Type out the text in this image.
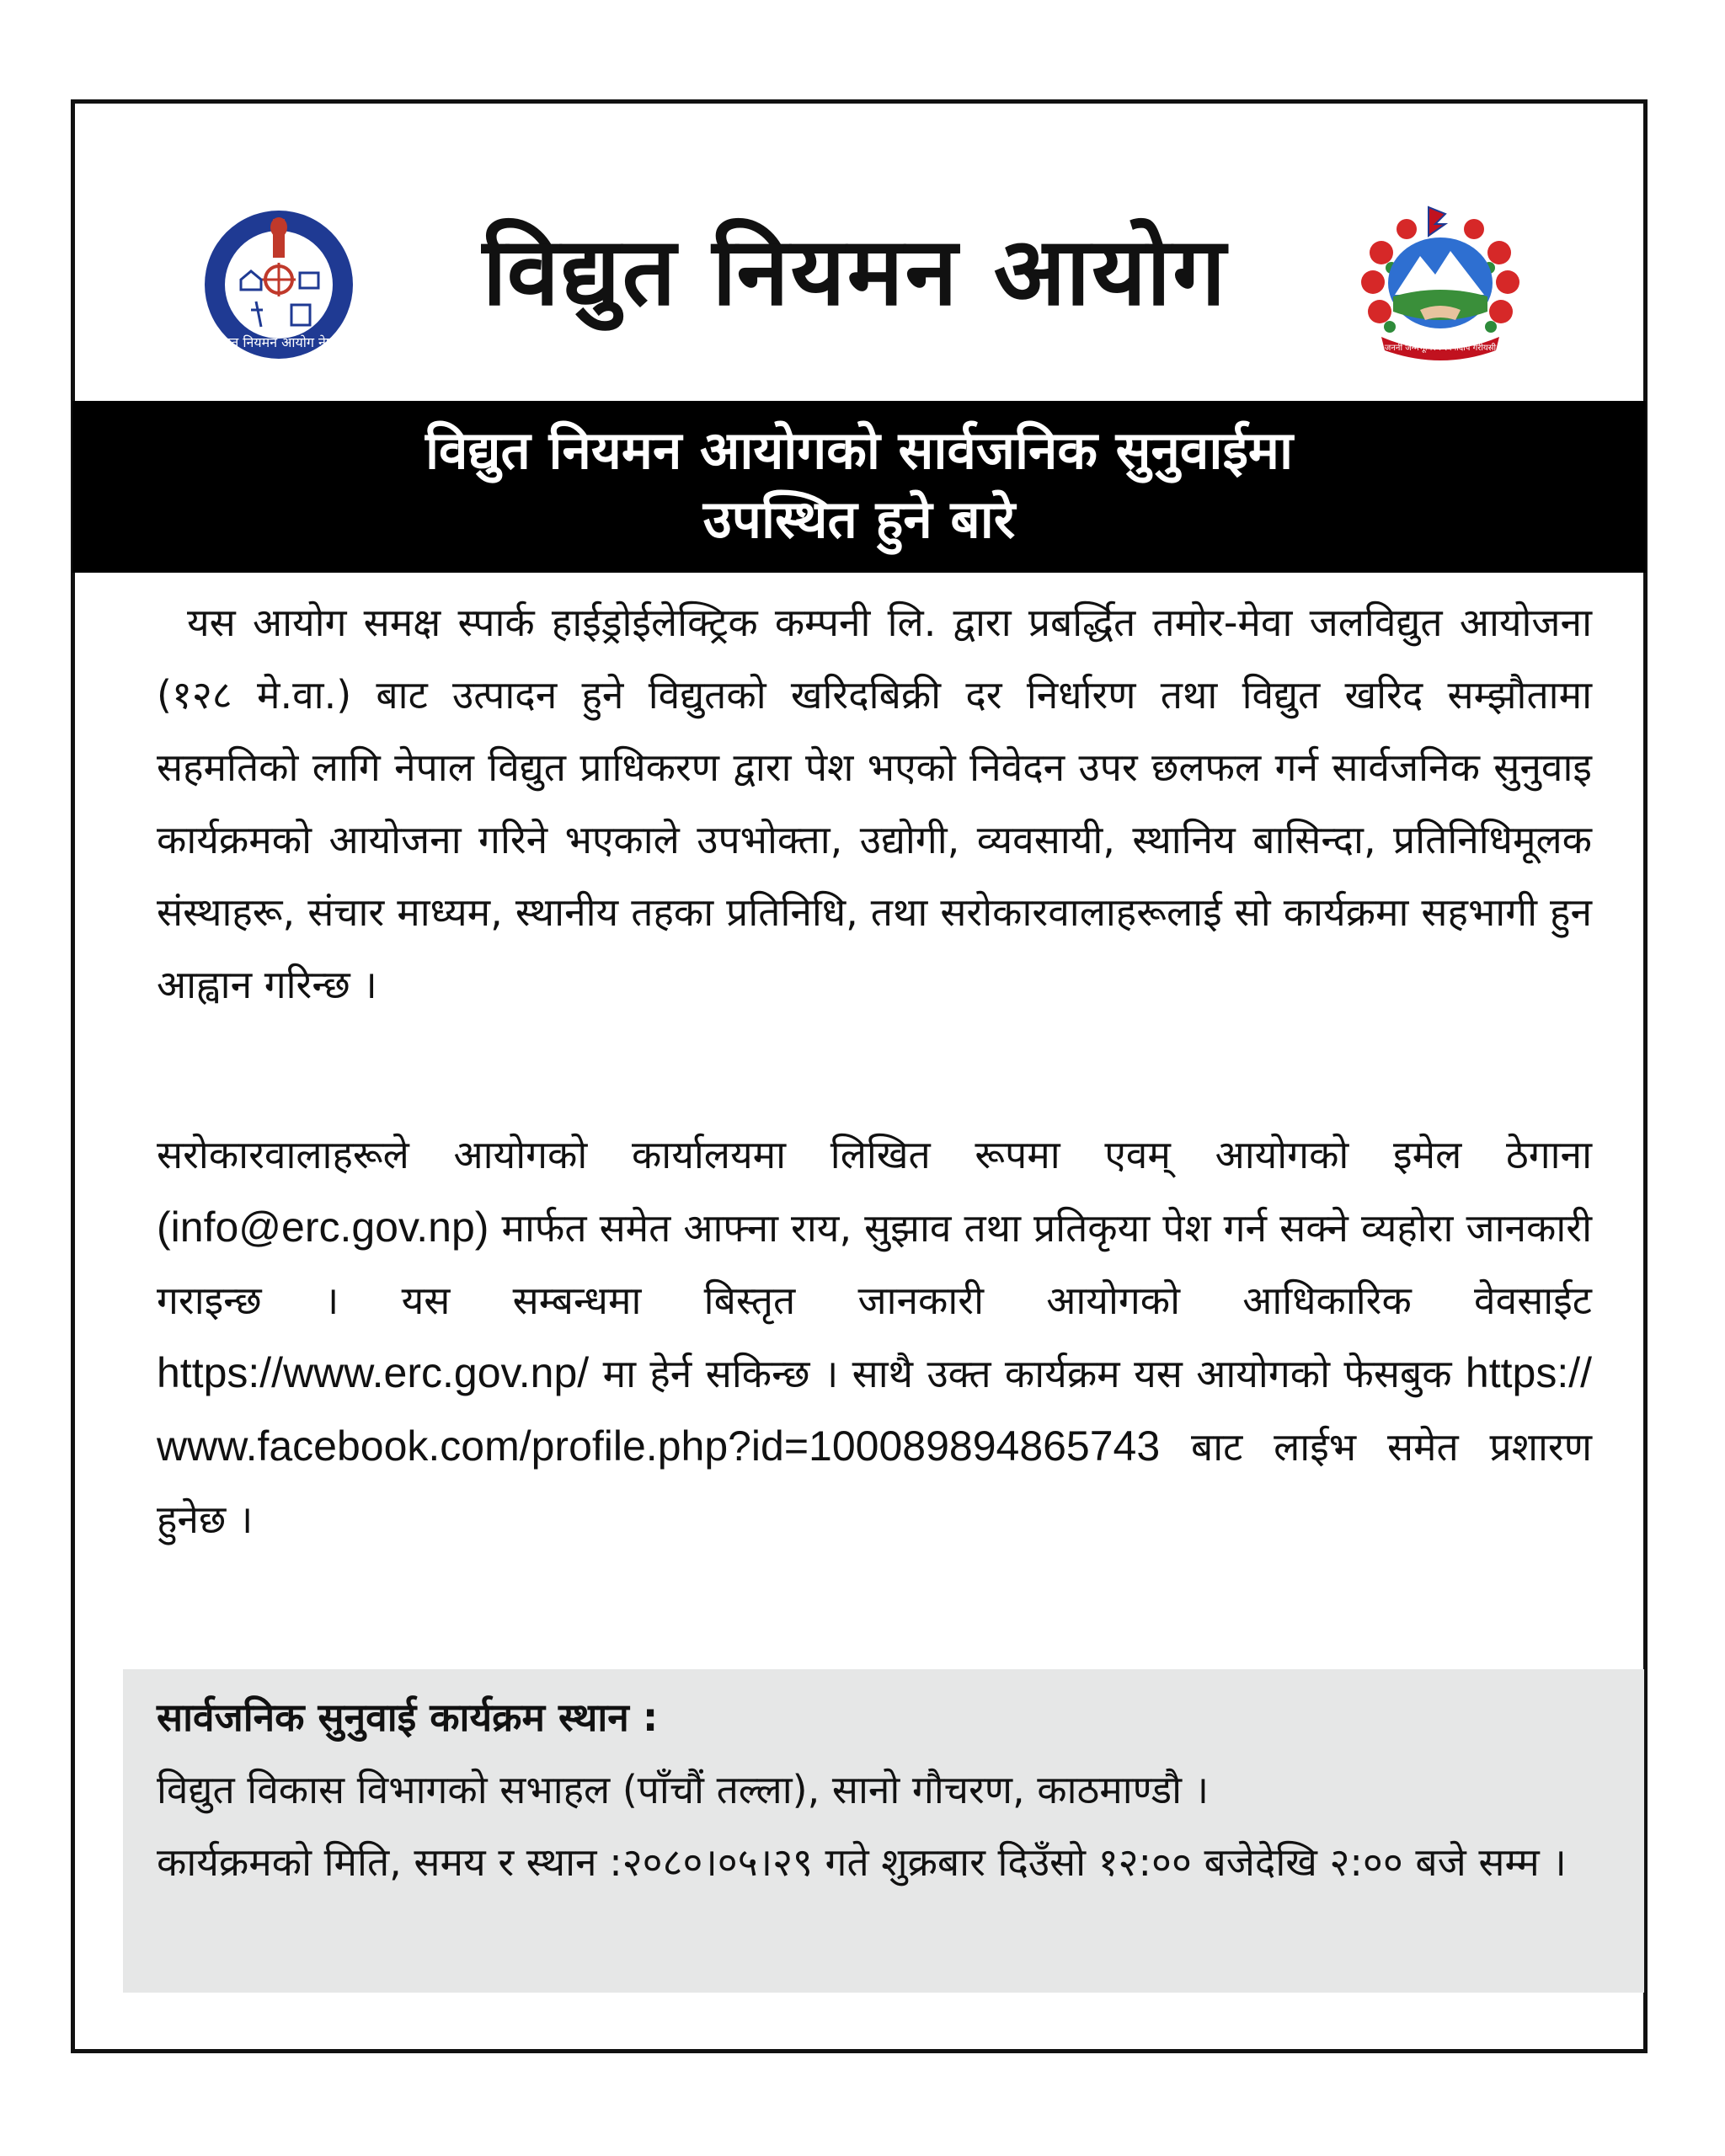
विद्युत नियमन आयोग नेपाल
विद्युत नियमन आयोग
जननी जन्मभूमिश्च स्वर्गादपि गरीयसी
विद्युत नियमन आयोगको सार्वजनिक सुनुवाईमा
उपस्थित हुने बारे

यस आयोग समक्ष स्पार्क हाईड्रोईलेक्ट्रिक कम्पनी लि. द्वारा प्रबर्द्धित तमोर-मेवा जलविद्युत आयोजना (१२८ मे.वा.) बाट उत्पादन हुने विद्युतको खरिदबिक्री दर निर्धारण तथा विद्युत खरिद सम्झौतामा सहमतिको लागि नेपाल विद्युत प्राधिकरण द्वारा पेश भएको निवेदन उपर छलफल गर्न सार्वजनिक सुनुवाइ कार्यक्रमको आयोजना गरिने भएकाले उपभोक्ता, उद्योगी, व्यवसायी, स्थानिय बासिन्दा, प्रतिनिधिमूलक संस्थाहरू, संचार माध्यम, स्थानीय तहका प्रतिनिधि, तथा सरोकारवालाहरूलाई सो कार्यक्रमा सहभागी हुन आह्वान गरिन्छ ।

सरोकारवालाहरूले आयोगको कार्यालयमा लिखित रूपमा एवम् आयोगको इमेल ठेगाना (info@erc.gov.np) मार्फत समेत आफ्ना राय, सुझाव तथा प्रतिकृया पेश गर्न सक्ने व्यहोरा जानकारी गराइन्छ । यस सम्बन्धमा बिस्तृत जानकारी आयोगको आधिकारिक वेवसाईट https://www.erc.gov.np/ मा हेर्न सकिन्छ । साथै उक्त कार्यक्रम यस आयोगको फेसबुक https://www.facebook.com/profile.php?id=100089894865743 बाट लाईभ समेत प्रशारण हुनेछ ।

सार्वजनिक सुनुवाई कार्यक्रम स्थान :

विद्युत विकास विभागको सभाहल (पाँचौं तल्ला), सानो गौचरण, काठमाण्डौ ।

कार्यक्रमको मिति, समय र स्थान :२०८०।०५।२९ गते शुक्रबार दिउँसो १२:०० बजेदेखि २:०० बजे सम्म ।
